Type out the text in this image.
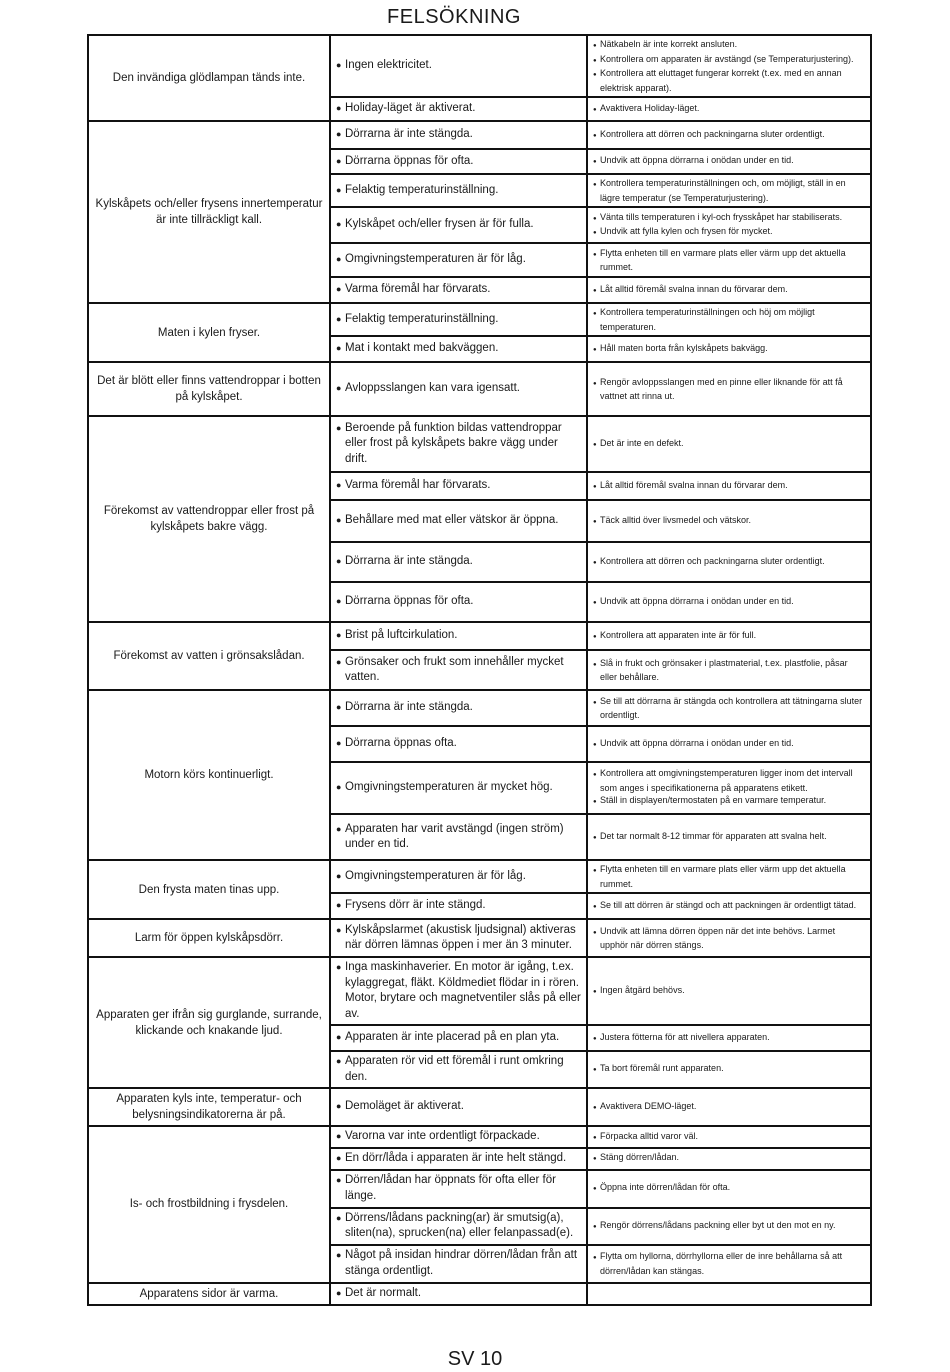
FELSÖKNING
Den invändiga glödlampan tänds inte.	● Ingen elektricitet.	● Nätkabeln är inte korrekt ansluten.
● Kontrollera om apparaten är avstängd (se Temperaturjustering).
● Kontrollera att eluttaget fungerar korrekt (t.ex. med en annan elektrisk apparat).

	● Holiday-läget är aktiverat.	● Avaktivera Holiday-läget.

Kylskåpets och/eller frysens innertemperatur är inte tillräckligt kall.	● Dörrarna är inte stängda.	● Kontrollera att dörren och packningarna sluter ordentligt.

	● Dörrarna öppnas för ofta.	● Undvik att öppna dörrarna i onödan under en tid.

	● Felaktig temperaturinställning.	● Kontrollera temperaturinställningen och, om möjligt, ställ in en lägre temperatur (se Temperaturjustering).

	● Kylskåpet och/eller frysen är för fulla.	● Vänta tills temperaturen i kyl-och frysskåpet har stabiliserats.
● Undvik att fylla kylen och frysen för mycket.

	● Omgivningstemperaturen är för låg.	● Flytta enheten till en varmare plats eller värm upp det aktuella rummet.

	● Varma föremål har förvarats.	● Låt alltid föremål svalna innan du förvarar dem.

Maten i kylen fryser.	● Felaktig temperaturinställning.	● Kontrollera temperaturinställningen och höj om möjligt temperaturen.

	● Mat i kontakt med bakväggen.	● Håll maten borta från kylskåpets bakvägg.

Det är blött eller finns vattendroppar i botten på kylskåpet.	● Avloppsslangen kan vara igensatt.	● Rengör avloppsslangen med en pinne eller liknande för att få vattnet att rinna ut.

Förekomst av vattendroppar eller frost på kylskåpets bakre vägg.	● Beroende på funktion bildas vattendroppar eller frost på kylskåpets bakre vägg under drift.	● Det är inte en defekt.

	● Varma föremål har förvarats.	● Låt alltid föremål svalna innan du förvarar dem.

	● Behållare med mat eller vätskor är öppna.	● Täck alltid över livsmedel och vätskor.

	● Dörrarna är inte stängda.	● Kontrollera att dörren och packningarna sluter ordentligt.

	● Dörrarna öppnas för ofta.	● Undvik att öppna dörrarna i onödan under en tid.

Förekomst av vatten i grönsakslådan.	● Brist på luftcirkulation.	● Kontrollera att apparaten inte är för full.

	● Grönsaker och frukt som innehåller mycket vatten.	● Slå in frukt och grönsaker i plastmaterial, t.ex. plastfolie, påsar eller behållare.

Motorn körs kontinuerligt.	● Dörrarna är inte stängda.	● Se till att dörrarna är stängda och kontrollera att tätningarna sluter ordentligt.

	● Dörrarna öppnas ofta.	● Undvik att öppna dörrarna i onödan under en tid.

	● Omgivningstemperaturen är mycket hög.	● Kontrollera att omgivningstemperaturen ligger inom det intervall som anges i specifikationerna på apparatens etikett.
● Ställ in displayen/termostaten på en varmare temperatur.

	● Apparaten har varit avstängd (ingen ström) under en tid.	● Det tar normalt 8-12 timmar för apparaten att svalna helt.

Den frysta maten tinas upp.	● Omgivningstemperaturen är för låg.	● Flytta enheten till en varmare plats eller värm upp det aktuella rummet.

	● Frysens dörr är inte stängd.	● Se till att dörren är stängd och att packningen är ordentligt tätad.

Larm för öppen kylskåpsdörr.	● Kylskåpslarmet (akustisk ljudsignal) aktiveras när dörren lämnas öppen i mer än 3 minuter.	● Undvik att lämna dörren öppen när det inte behövs. Larmet upphör när dörren stängs.

Apparaten ger ifrån sig gurglande, surrande, klickande och knakande ljud.	● Inga maskinhaverier. En motor är igång, t.ex. kylaggregat, fläkt. Köldmediet flödar in i rören. Motor, brytare och magnetventiler slås på eller av.	● Ingen åtgärd behövs.

	● Apparaten är inte placerad på en plan yta.	● Justera fötterna för att nivellera apparaten.

	● Apparaten rör vid ett föremål i runt omkring den.	● Ta bort föremål runt apparaten.

Apparaten kyls inte, temperatur- och belysningsindikatorerna är på.	● Demoläget är aktiverat.	● Avaktivera DEMO-läget.

Is- och frostbildning i frysdelen.	● Varorna var inte ordentligt förpackade.	● Förpacka alltid varor väl.

	● En dörr/låda i apparaten är inte helt stängd.	● Stäng dörren/lådan.

	● Dörren/lådan har öppnats för ofta eller för länge.	● Öppna inte dörren/lådan för ofta.

	● Dörrens/lådans packning(ar) är smutsig(a), sliten(na), sprucken(na) eller felanpassad(e).	● Rengör dörrens/lådans packning eller byt ut den mot en ny.

	● Något på insidan hindrar dörren/lådan från att stänga ordentligt.	● Flytta om hyllorna, dörrhyllorna eller de inre behållarna så att dörren/lådan kan stängas.

Apparatens sidor är varma.	● Det är normalt.

SV 10
